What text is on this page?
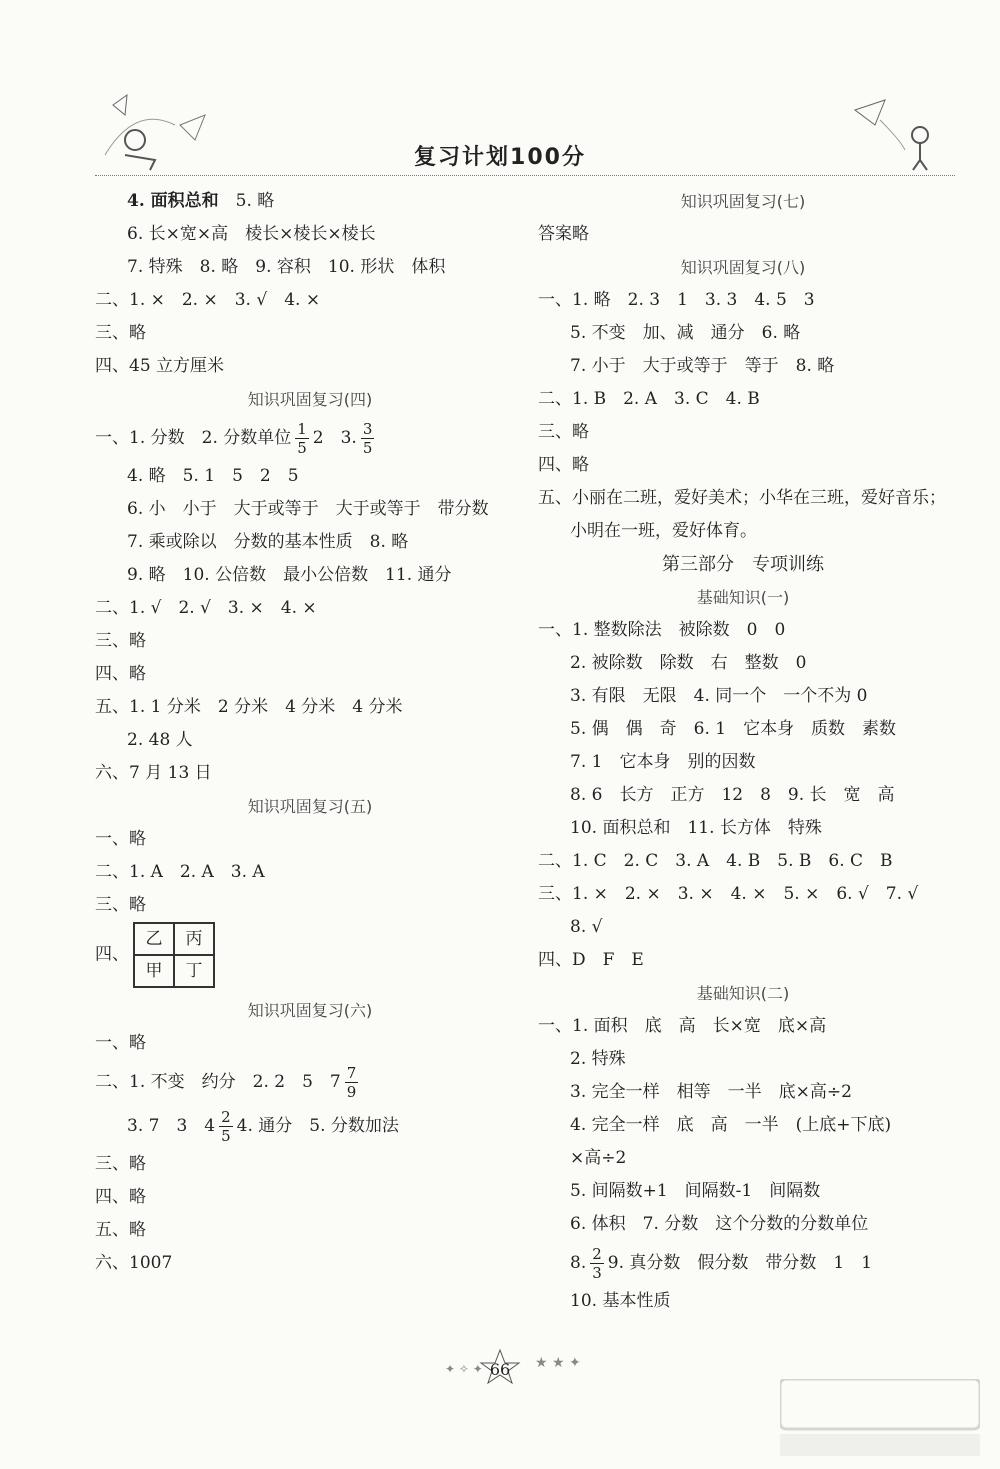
复习计划100分
4. 面积总和　 5. 略
6. 长×宽×高　 棱长×棱长×棱长
7. 特殊　 8. 略　 9. 容积　 10. 形状　 体积
二、1. ×　2. ×　3. √　4. ×
三、略
四、45 立方厘米
知识巩固复习(四)
一、1. 分数　2. 分数单位 $\frac{1}{5} 2$　3. $\frac{3}{5}$
4. 略　5. 1　5　2　5
6. 小　小于　大于或等于　大于或等于　带分数
7. 乘或除以　分数的基本性质　8. 略
9. 略　10. 公倍数　最小公倍数　11. 通分
二、1. √　2. √　3. ×　4. ×
三、略
四、略
五、1. 1 分米　2 分米　4 分米　4 分米
2. 48 人
六、7 月 13 日
知识巩固复习(五)
一、略
二、1. A　2. A　3. A
三、略
四、
乙	丙
甲	丁
知识巩固复习(六)
一、略
二、1. 不变　约分　2. 2　5　$7 \frac{7}{9}$
3. 7　3　$4 \frac{2}{5} 4$. 通分　5. 分数加法
三、略
四、略
五、略
六、1007
知识巩固复习(七)
答案略
知识巩固复习(八)
一、1. 略　2. 3　1　3. 3　4. 5　3
5. 不变　加、减　通分　6. 略
7. 小于　大于或等于　等于　8. 略
二、1. B　2. A　3. C　4. B
三、略
四、略
五、小丽在二班，爱好美术；小华在三班，爱好音乐；
小明在一班，爱好体育。
第三部分　专项训练
基础知识(一)
一、1. 整数除法　被除数　0　0
2. 被除数　除数　右　整数　0
3. 有限　无限　4. 同一个　一个不为 0
5. 偶　偶　奇　6. 1　它本身　质数　素数
7. 1　它本身　别的因数
8. 6　长方　正方　12　8　9. 长　宽　高
10. 面积总和　11. 长方体　特殊
二、1. C　2. C　3. A　4. B　5. B　6. C　B
三、1. ×　2. ×　3. ×　4. ×　5. ×　6. √　7. √
8. √
四、D　F　E
基础知识(二)
一、1. 面积　底　高　长×宽　底×高
2. 特殊
3. 完全一样　相等　一半　底×高÷2
4. 完全一样　底　高　一半　(上底+下底)
×高÷2
5. 间隔数+1　间隔数-1　间隔数
6. 体积　7. 分数　这个分数的分数单位
8. $\frac{2}{3} 9$. 真分数　假分数　带分数　1　1
10. 基本性质
✦ ✧ ✦	★ ★ ✦
66
